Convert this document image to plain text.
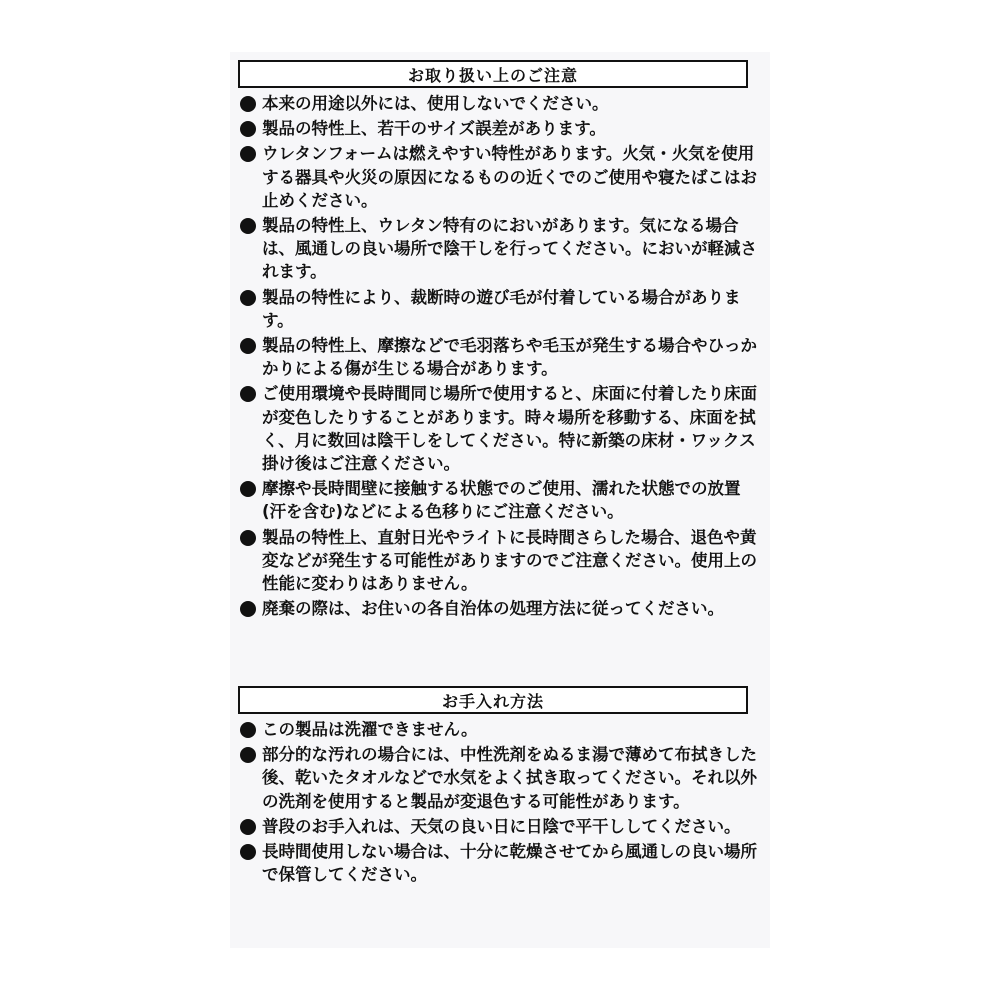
お取り扱い上のご注意
本来の用途以外には、使用しないでください。
製品の特性上、若干のサイズ誤差があります。
ウレタンフォームは燃えやすい特性があります。火気・火気を使用する器具や火災の原因になるものの近くでのご使用や寝たばこはお止めください。
製品の特性上、ウレタン特有のにおいがあります。気になる場合は、風通しの良い場所で陰干しを行ってください。においが軽減されます。
製品の特性により、裁断時の遊び毛が付着している場合があります。
製品の特性上、摩擦などで毛羽落ちや毛玉が発生する場合やひっかかりによる傷が生じる場合があります。
ご使用環境や長時間同じ場所で使用すると、床面に付着したり床面が変色したりすることがあります。時々場所を移動する、床面を拭く、月に数回は陰干しをしてください。特に新築の床材・ワックス掛け後はご注意ください。
摩擦や長時間壁に接触する状態でのご使用、濡れた状態での放置(汗を含む)などによる色移りにご注意ください。
製品の特性上、直射日光やライトに長時間さらした場合、退色や黄変などが発生する可能性がありますのでご注意ください。使用上の性能に変わりはありません。
廃棄の際は、お住いの各自治体の処理方法に従ってください。
お手入れ方法
この製品は洗濯できません。
部分的な汚れの場合には、中性洗剤をぬるま湯で薄めて布拭きした後、乾いたタオルなどで水気をよく拭き取ってください。それ以外の洗剤を使用すると製品が変退色する可能性があります。
普段のお手入れは、天気の良い日に日陰で平干ししてください。
長時間使用しない場合は、十分に乾燥させてから風通しの良い場所で保管してください。
